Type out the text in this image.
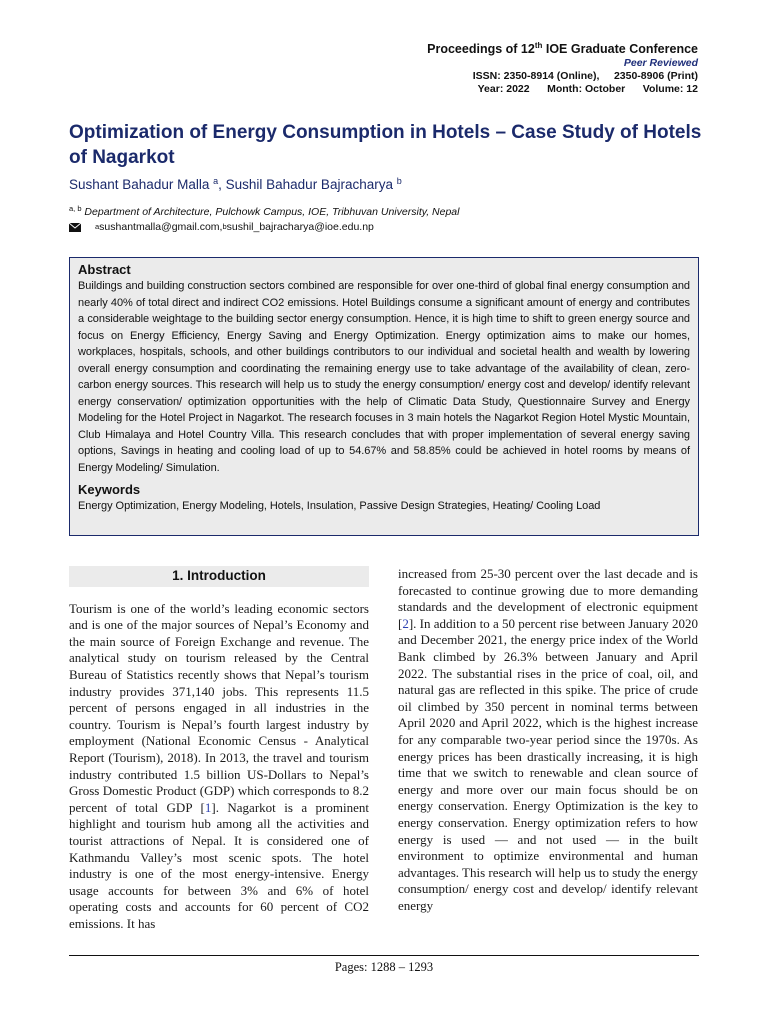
Proceedings of 12th IOE Graduate Conference
Peer Reviewed
ISSN: 2350-8914 (Online),     2350-8906 (Print)
Year: 2022      Month: October      Volume: 12
Optimization of Energy Consumption in Hotels – Case Study of Hotels of Nagarkot
Sushant Bahadur Malla $^a$, Sushil Bahadur Bajracharya $^b$
$^{a, b}$ Department of Architecture, Pulchowk Campus, IOE, Tribhuvan University, Nepal
a sushantmalla@gmail.com, b sushil_bajracharya@ioe.edu.np
Abstract
Buildings and building construction sectors combined are responsible for over one-third of global final energy consumption and nearly 40% of total direct and indirect CO2 emissions. Hotel Buildings consume a significant amount of energy and contributes a considerable weightage to the building sector energy consumption. Hence, it is high time to shift to green energy source and focus on Energy Efficiency, Energy Saving and Energy Optimization. Energy optimization aims to make our homes, workplaces, hospitals, schools, and other buildings contributors to our individual and societal health and wealth by lowering overall energy consumption and coordinating the remaining energy use to take advantage of the availability of clean, zero-carbon energy sources. This research will help us to study the energy consumption/ energy cost and develop/ identify relevant energy conservation/ optimization opportunities with the help of Climatic Data Study, Questionnaire Survey and Energy Modeling for the Hotel Project in Nagarkot. The research focuses in 3 main hotels the Nagarkot Region Hotel Mystic Mountain, Club Himalaya and Hotel Country Villa. This research concludes that with proper implementation of several energy saving options, Savings in heating and cooling load of up to 54.67% and 58.85% could be achieved in hotel rooms by means of Energy Modeling/ Simulation.
Keywords
Energy Optimization, Energy Modeling, Hotels, Insulation, Passive Design Strategies, Heating/ Cooling Load
1. Introduction

Tourism is one of the world’s leading economic sectors and is one of the major sources of Nepal’s Economy and the main source of Foreign Exchange and revenue. The analytical study on tourism released by the Central Bureau of Statistics recently shows that Nepal’s tourism industry provides 371,140 jobs. This represents 11.5 percent of persons engaged in all industries in the country. Tourism is Nepal’s fourth largest industry by employment (National Economic Census - Analytical Report (Tourism), 2018). In 2013, the travel and tourism industry contributed 1.5 billion US-Dollars to Nepal’s Gross Domestic Product (GDP) which corresponds to 8.2 percent of total GDP [1]. Nagarkot is a prominent highlight and tourism hub among all the activities and tourist attractions of Nepal. It is considered one of Kathmandu Valley’s most scenic spots. The hotel industry is one of the most energy-intensive. Energy usage accounts for between 3% and 6% of hotel operating costs and accounts for 60 percent of CO2 emissions. It has

increased from 25-30 percent over the last decade and is forecasted to continue growing due to more demanding standards and the development of electronic equipment [2]. In addition to a 50 percent rise between January 2020 and December 2021, the energy price index of the World Bank climbed by 26.3% between January and April 2022. The substantial rises in the price of coal, oil, and natural gas are reflected in this spike. The price of crude oil climbed by 350 percent in nominal terms between April 2020 and April 2022, which is the highest increase for any comparable two-year period since the 1970s. As energy prices has been drastically increasing, it is high time that we switch to renewable and clean source of energy and more over our main focus should be on energy conservation. Energy Optimization is the key to energy conservation. Energy optimization refers to how energy is used — and not used — in the built environment to optimize environmental and human advantages. This research will help us to study the energy consumption/ energy cost and develop/ identify relevant energy

Pages: 1288 – 1293
